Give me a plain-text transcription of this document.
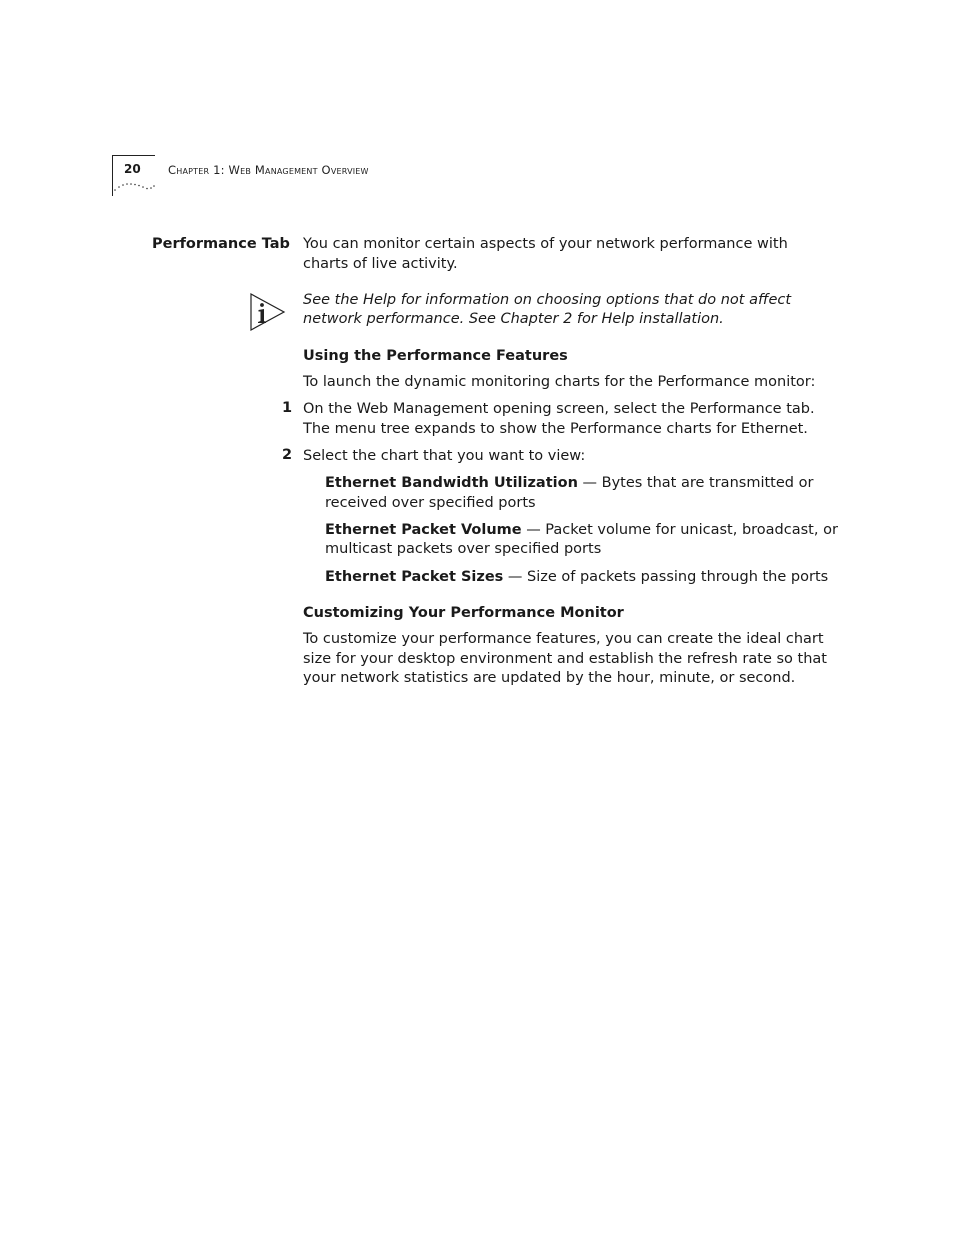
20 Chapter 1: Web Management Overview
Performance Tab You can monitor certain aspects of your network performance with
charts of live activity.
See the Help for information on choosing options that do not affect
network performance. See Chapter 2 for Help installation.
Using the Performance Features
To launch the dynamic monitoring charts for the Performance monitor:
1 On the Web Management opening screen, select the Performance tab.
The menu tree expands to show the Performance charts for Ethernet.
2 Select the chart that you want to view:
Ethernet Bandwidth Utilization — Bytes that are transmitted or
received over specified ports
Ethernet Packet Volume — Packet volume for unicast, broadcast, or
multicast packets over specified ports
Ethernet Packet Sizes — Size of packets passing through the ports
Customizing Your Performance Monitor
To customize your performance features, you can create the ideal chart
size for your desktop environment and establish the refresh rate so that
your network statistics are updated by the hour, minute, or second.
